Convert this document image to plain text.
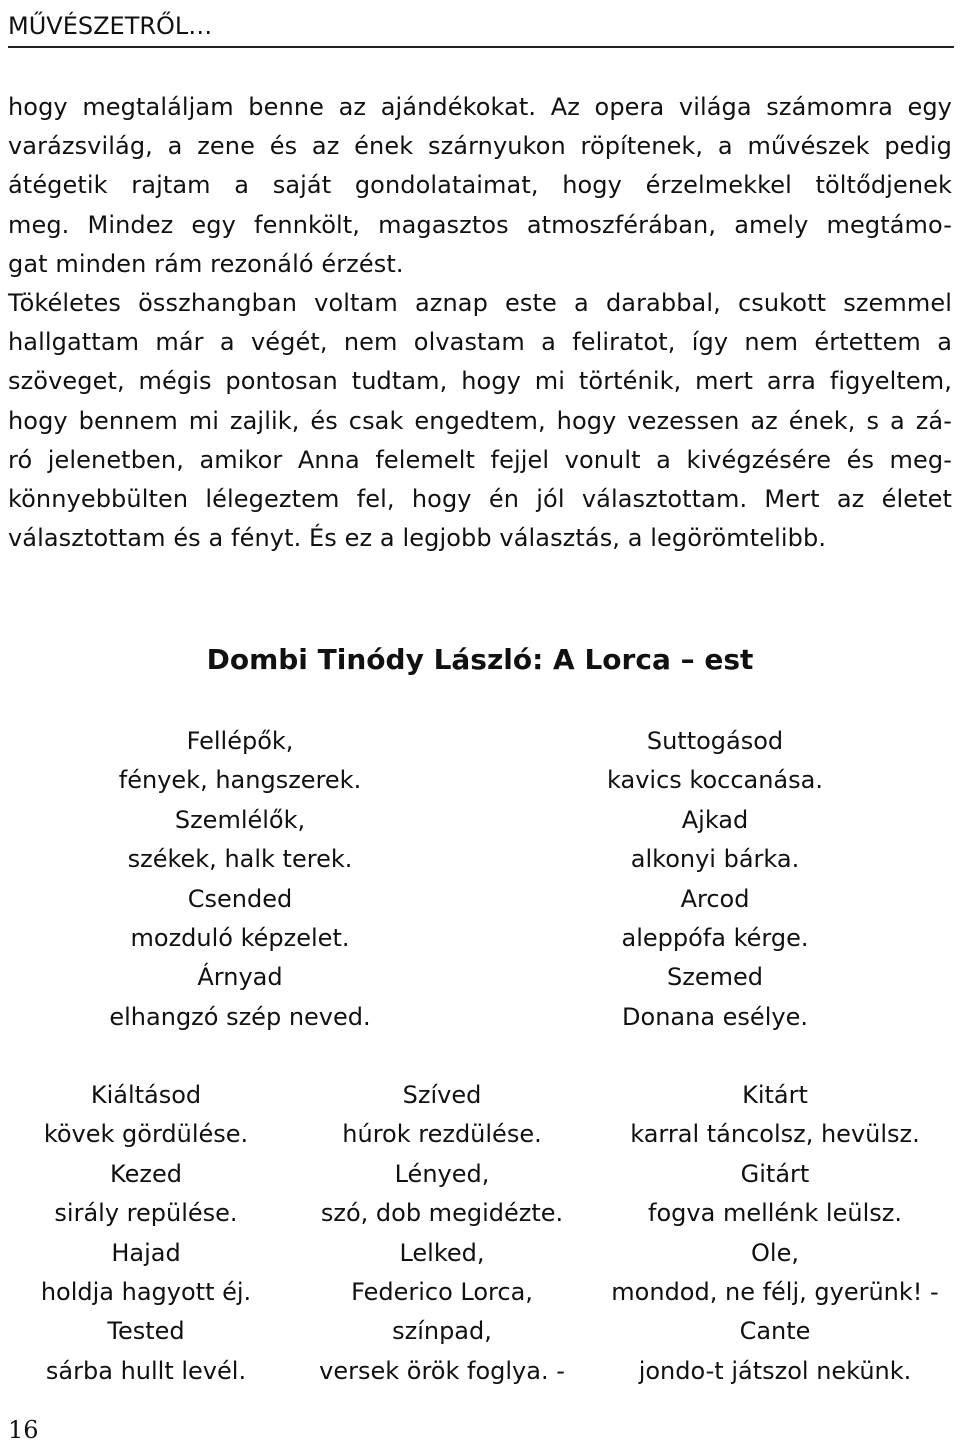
MŰVÉSZETRŐL…
hogy megtaláljam benne az ajándékokat. Az opera világa számomra egy
varázsvilág, a zene és az ének szárnyukon röpítenek, a művészek pedig
átégetik rajtam a saját gondolataimat, hogy érzelmekkel töltődjenek
meg. Mindez egy fennkölt, magasztos atmoszférában, amely megtámo-
gat minden rám rezonáló érzést.
Tökéletes összhangban voltam aznap este a darabbal, csukott szemmel
hallgattam már a végét, nem olvastam a feliratot, így nem értettem a
szöveget, mégis pontosan tudtam, hogy mi történik, mert arra figyeltem,
hogy bennem mi zajlik, és csak engedtem, hogy vezessen az ének, s a zá-
ró jelenetben, amikor Anna felemelt fejjel vonult a kivégzésére és meg-
könnyebbülten lélegeztem fel, hogy én jól választottam. Mert az életet
választottam és a fényt. És ez a legjobb választás, a legörömtelibb.
Dombi Tinódy László: A Lorca – est
Fellépők,
fények, hangszerek.
Szemlélők,
székek, halk terek.
Csended
mozduló képzelet.
Árnyad
elhangzó szép neved.
Suttogásod
kavics koccanása.
Ajkad
alkonyi bárka.
Arcod
aleppófa kérge.
Szemed
Donana esélye.
Kiáltásod
kövek gördülése.
Kezed
sirály repülése.
Hajad
holdja hagyott éj.
Tested
sárba hullt levél.
Szíved
húrok rezdülése.
Lényed,
szó, dob megidézte.
Lelked,
Federico Lorca,
színpad,
versek örök foglya. -
Kitárt
karral táncolsz, hevülsz.
Gitárt
fogva mellénk leülsz.
Ole,
mondod, ne félj, gyerünk! -
Cante
jondo-t játszol nekünk.
16
